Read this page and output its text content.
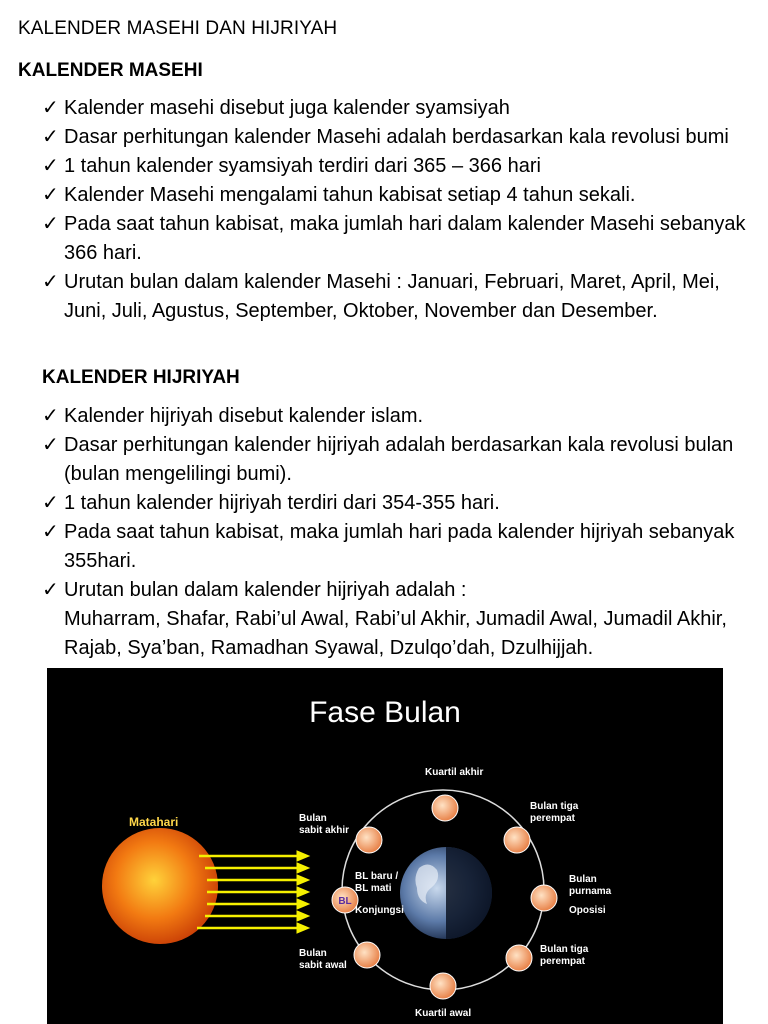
KALENDER MASEHI DAN HIJRIYAH
KALENDER MASEHI
✓ Kalender masehi disebut juga kalender syamsiyah
✓ Dasar perhitungan kalender Masehi adalah berdasarkan kala revolusi bumi
✓ 1 tahun kalender syamsiyah terdiri dari 365 – 366 hari
✓ Kalender Masehi mengalami tahun kabisat setiap 4 tahun sekali.
✓ Pada saat tahun kabisat, maka jumlah hari dalam kalender Masehi sebanyak 366 hari.
✓ Urutan bulan dalam kalender Masehi : Januari, Februari, Maret, April, Mei, Juni, Juli, Agustus, September, Oktober, November dan Desember.
KALENDER HIJRIYAH
✓ Kalender hijriyah disebut kalender islam.
✓ Dasar perhitungan kalender hijriyah adalah berdasarkan kala revolusi bulan (bulan mengelilingi bumi).
✓ 1 tahun kalender hijriyah terdiri dari 354-355 hari.
✓ Pada saat tahun kabisat, maka jumlah hari pada kalender hijriyah sebanyak 355hari.
✓ Urutan bulan dalam kalender hijriyah adalah :
Muharram, Shafar, Rabi’ul Awal, Rabi’ul Akhir, Jumadil Awal, Jumadil Akhir, Rajab, Sya’ban, Ramadhan Syawal, Dzulqo’dah, Dzulhijjah.
BL
Fase Bulan
Matahari
Kuartil akhir
Bulan
sabit akhir
Bulan tiga
perempat
Bulan
purnama
Oposisi
BL baru /
BL mati
Konjungsi
Bulan
sabit awal
Bulan tiga
perempat
Kuartil awal
